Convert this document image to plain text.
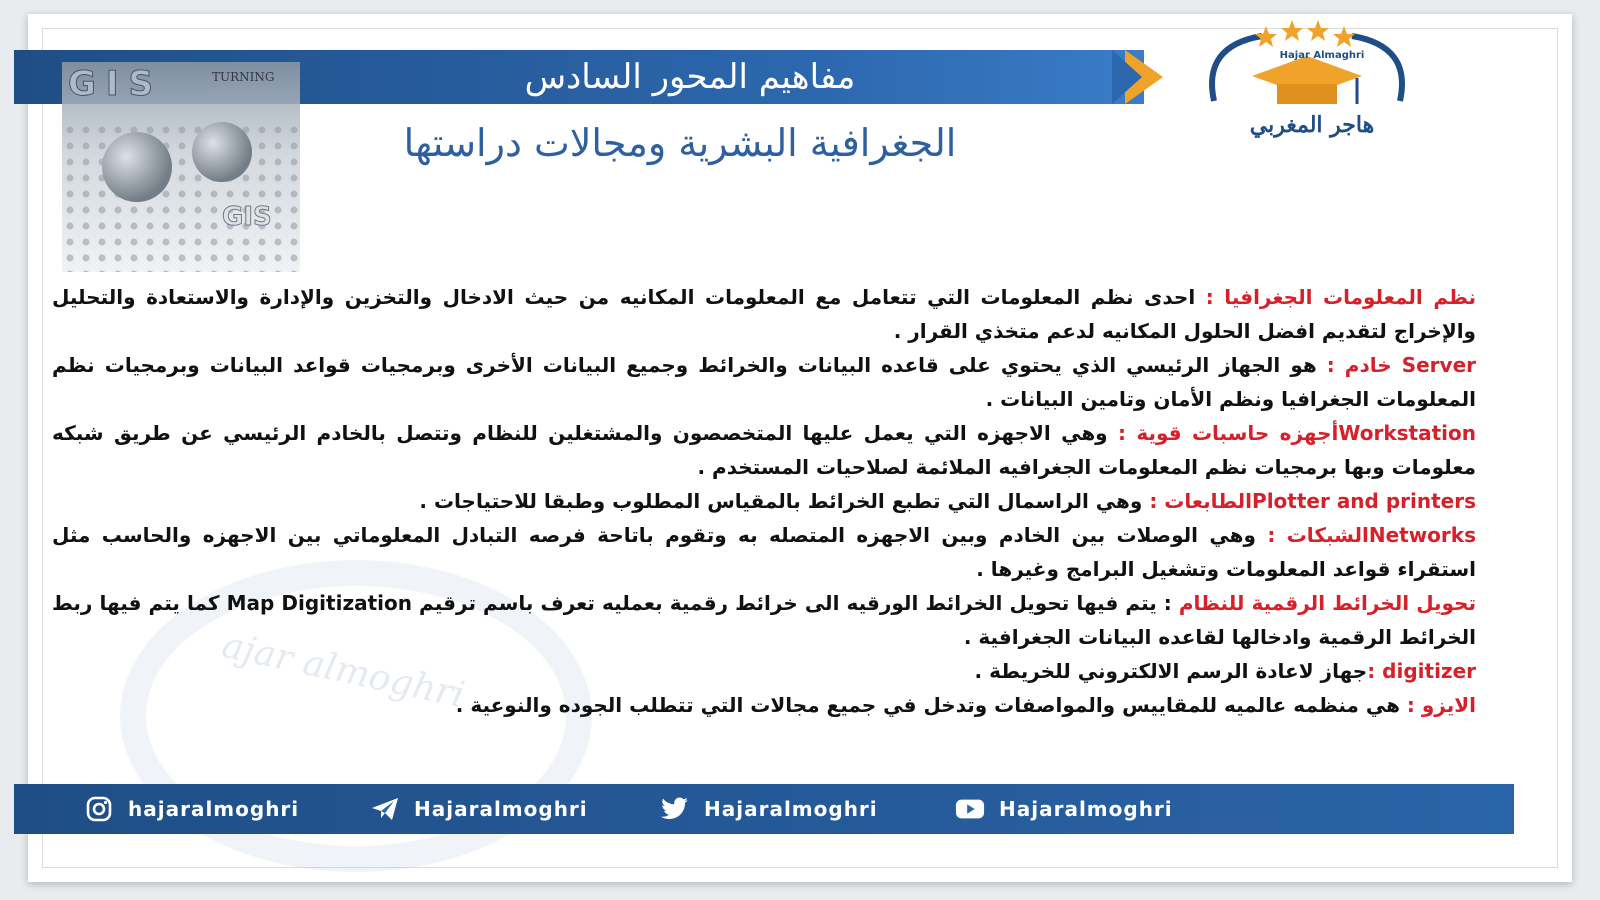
ajar almoghri
مفاهيم المحور السادس
الجغرافية البشرية ومجالات دراستها
GIS	TURNING
GIS
Hajar Almaghri
هاجر المغربي

نظم المعلومات الجغرافيا : احدى نظم المعلومات التي تتعامل مع المعلومات المكانيه من حيث الادخال والتخزين والإدارة والاستعادة والتحليل والإخراج لتقديم افضل الحلول المكانيه لدعم متخذي القرار .

Server خادم : هو الجهاز الرئيسي الذي يحتوي على قاعده البيانات والخرائط وجميع البيانات الأخرى وبرمجيات قواعد البيانات وبرمجيات نظم المعلومات الجغرافيا ونظم الأمان وتامين البيانات .

Workstationأجهزه حاسبات قوية : وهي الاجهزه التي يعمل عليها المتخصصون والمشتغلين للنظام وتتصل بالخادم الرئيسي عن طريق شبكه معلومات وبها برمجيات نظم المعلومات الجغرافيه الملائمة لصلاحيات المستخدم .

Plotter and printersالطابعات : وهي الراسمال التي تطبع الخرائط بالمقياس المطلوب وطبقا للاحتياجات .

Networksالشبكات : وهي الوصلات بين الخادم وبين الاجهزه المتصله به وتقوم باتاحة فرصه التبادل المعلوماتي بين الاجهزه والحاسب مثل استقراء قواعد المعلومات وتشغيل البرامج وغيرها .

تحويل الخرائط الرقمية للنظام : يتم فيها تحويل الخرائط الورقيه الى خرائط رقمية بعمليه تعرف باسم ترقيم Map Digitization كما يتم فيها ربط الخرائط الرقمية وادخالها لقاعده البيانات الجغرافية .

digitizer :جهاز لاعادة الرسم الالكتروني للخريطة .

الايزو : هي منظمه عالميه للمقاييس والمواصفات وتدخل في جميع مجالات التي تتطلب الجوده والنوعية .

hajaralmoghri	Hajaralmoghri	Hajaralmoghri	Hajaralmoghri
